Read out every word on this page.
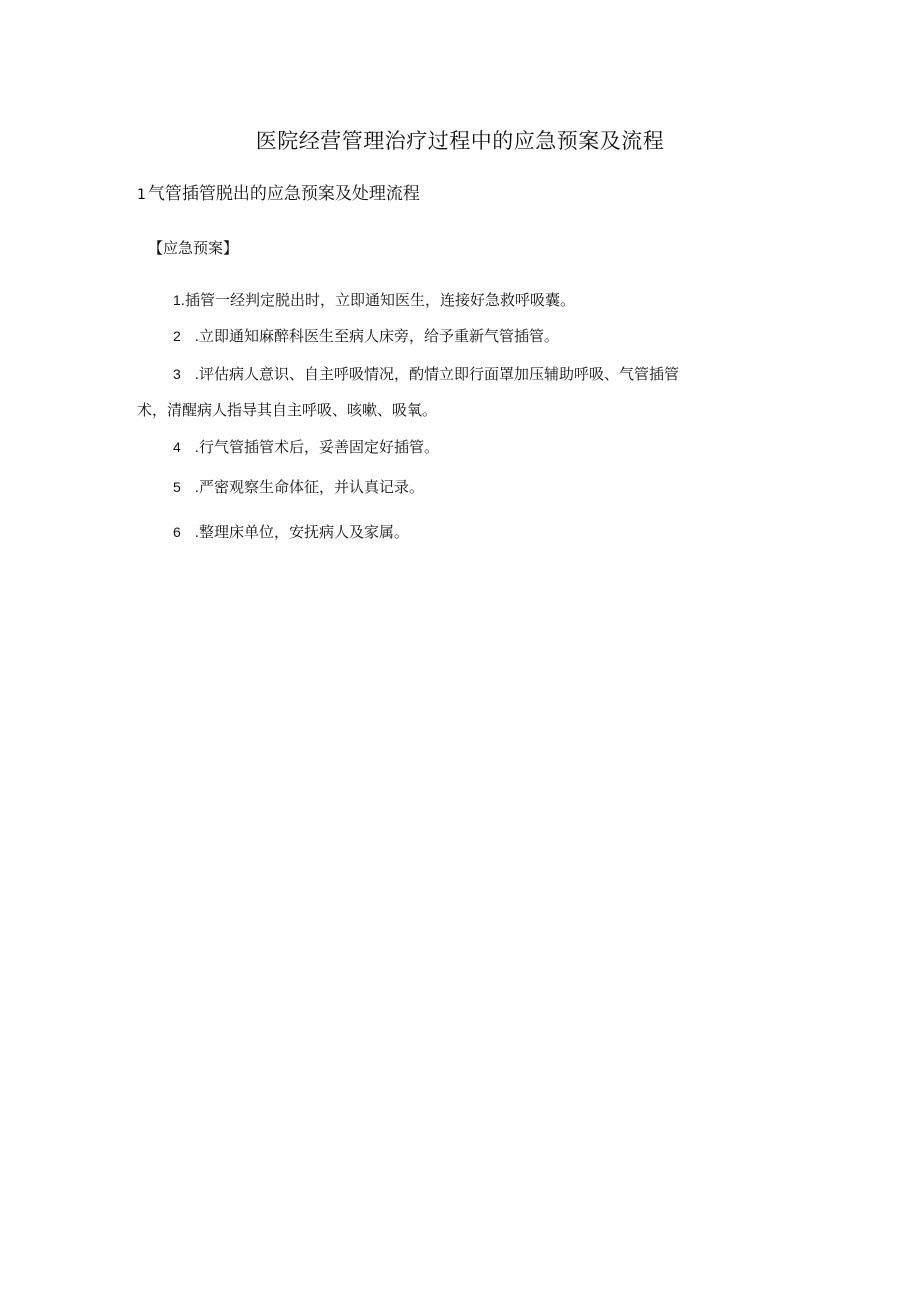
医院经营管理治疗过程中的应急预案及流程
1 气管插管脱出的应急预案及处理流程
【应急预案】
1.插管一经判定脱出时，立即通知医生，连接好急救呼吸囊。
2 .立即通知麻醉科医生至病人床旁，给予重新气管插管。
3 .评估病人意识、自主呼吸情况，酌情立即行面罩加压辅助呼吸、气管插管
术，清醒病人指导其自主呼吸、咳嗽、吸氧。
4 .行气管插管术后，妥善固定好插管。
5 .严密观察生命体征，并认真记录。
6 .整理床单位，安抚病人及家属。
